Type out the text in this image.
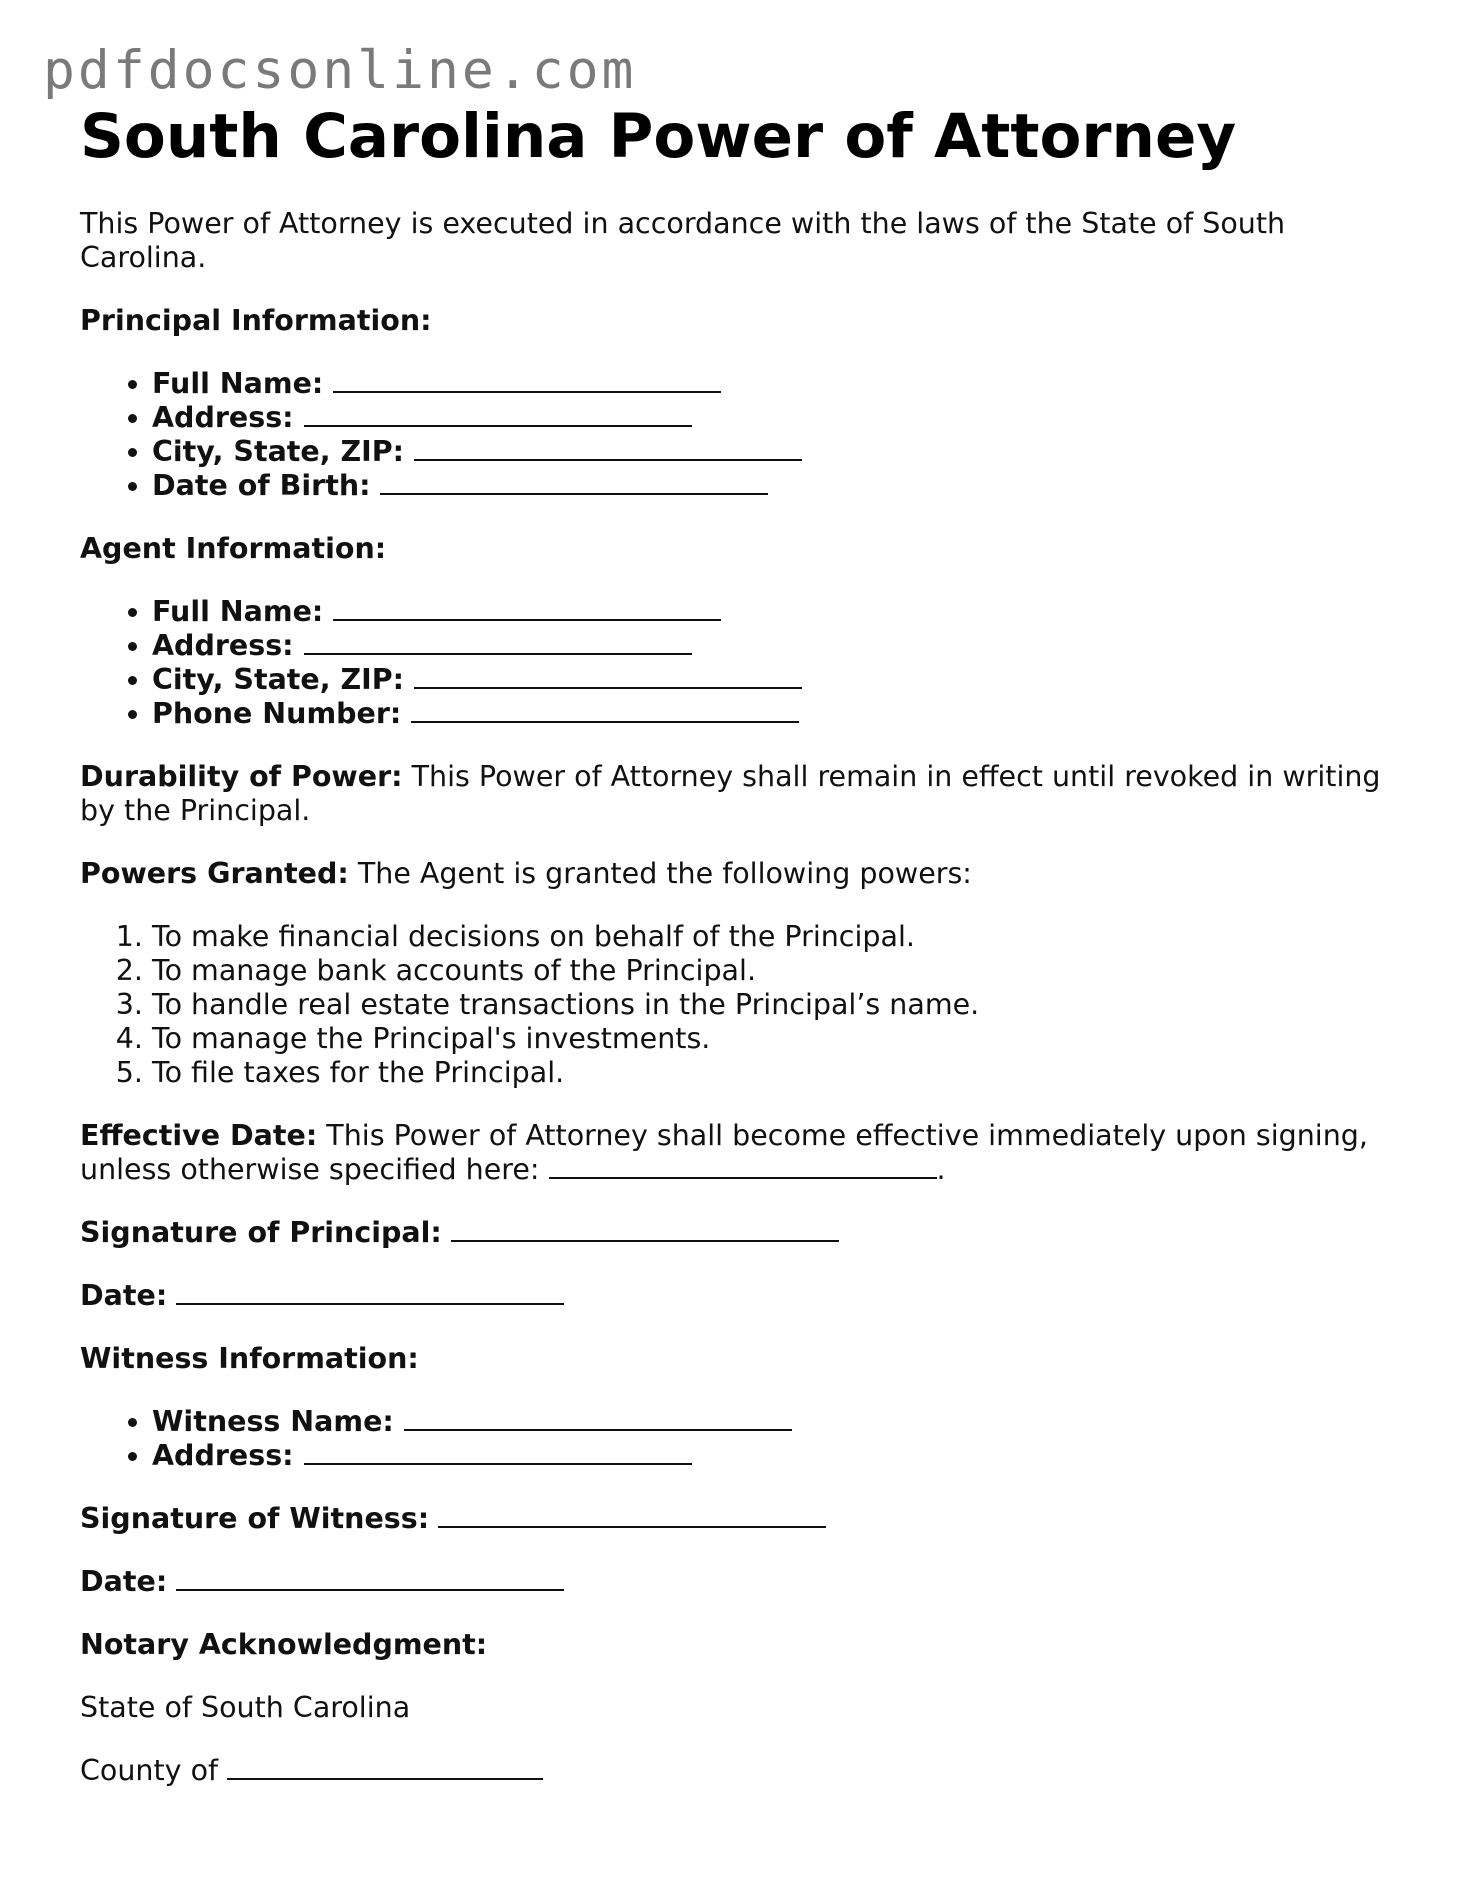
pdfdocsonline.com
South Carolina Power of Attorney

This Power of Attorney is executed in accordance with the laws of the State of South Carolina.

Principal Information:

• Full Name:
• Address:
• City, State, ZIP:
• Date of Birth:

Agent Information:

• Full Name:
• Address:
• City, State, ZIP:
• Phone Number:

Durability of Power: This Power of Attorney shall remain in effect until revoked in writing by the Principal.

Powers Granted: The Agent is granted the following powers:

1. To make financial decisions on behalf of the Principal.
2. To manage bank accounts of the Principal.
3. To handle real estate transactions in the Principal’s name.
4. To manage the Principal's investments.
5. To file taxes for the Principal.

Effective Date: This Power of Attorney shall become effective immediately upon signing, unless otherwise specified here:	.

Signature of Principal:

Date:

Witness Information:

• Witness Name:
• Address:

Signature of Witness:

Date:

Notary Acknowledgment:

State of South Carolina

County of
